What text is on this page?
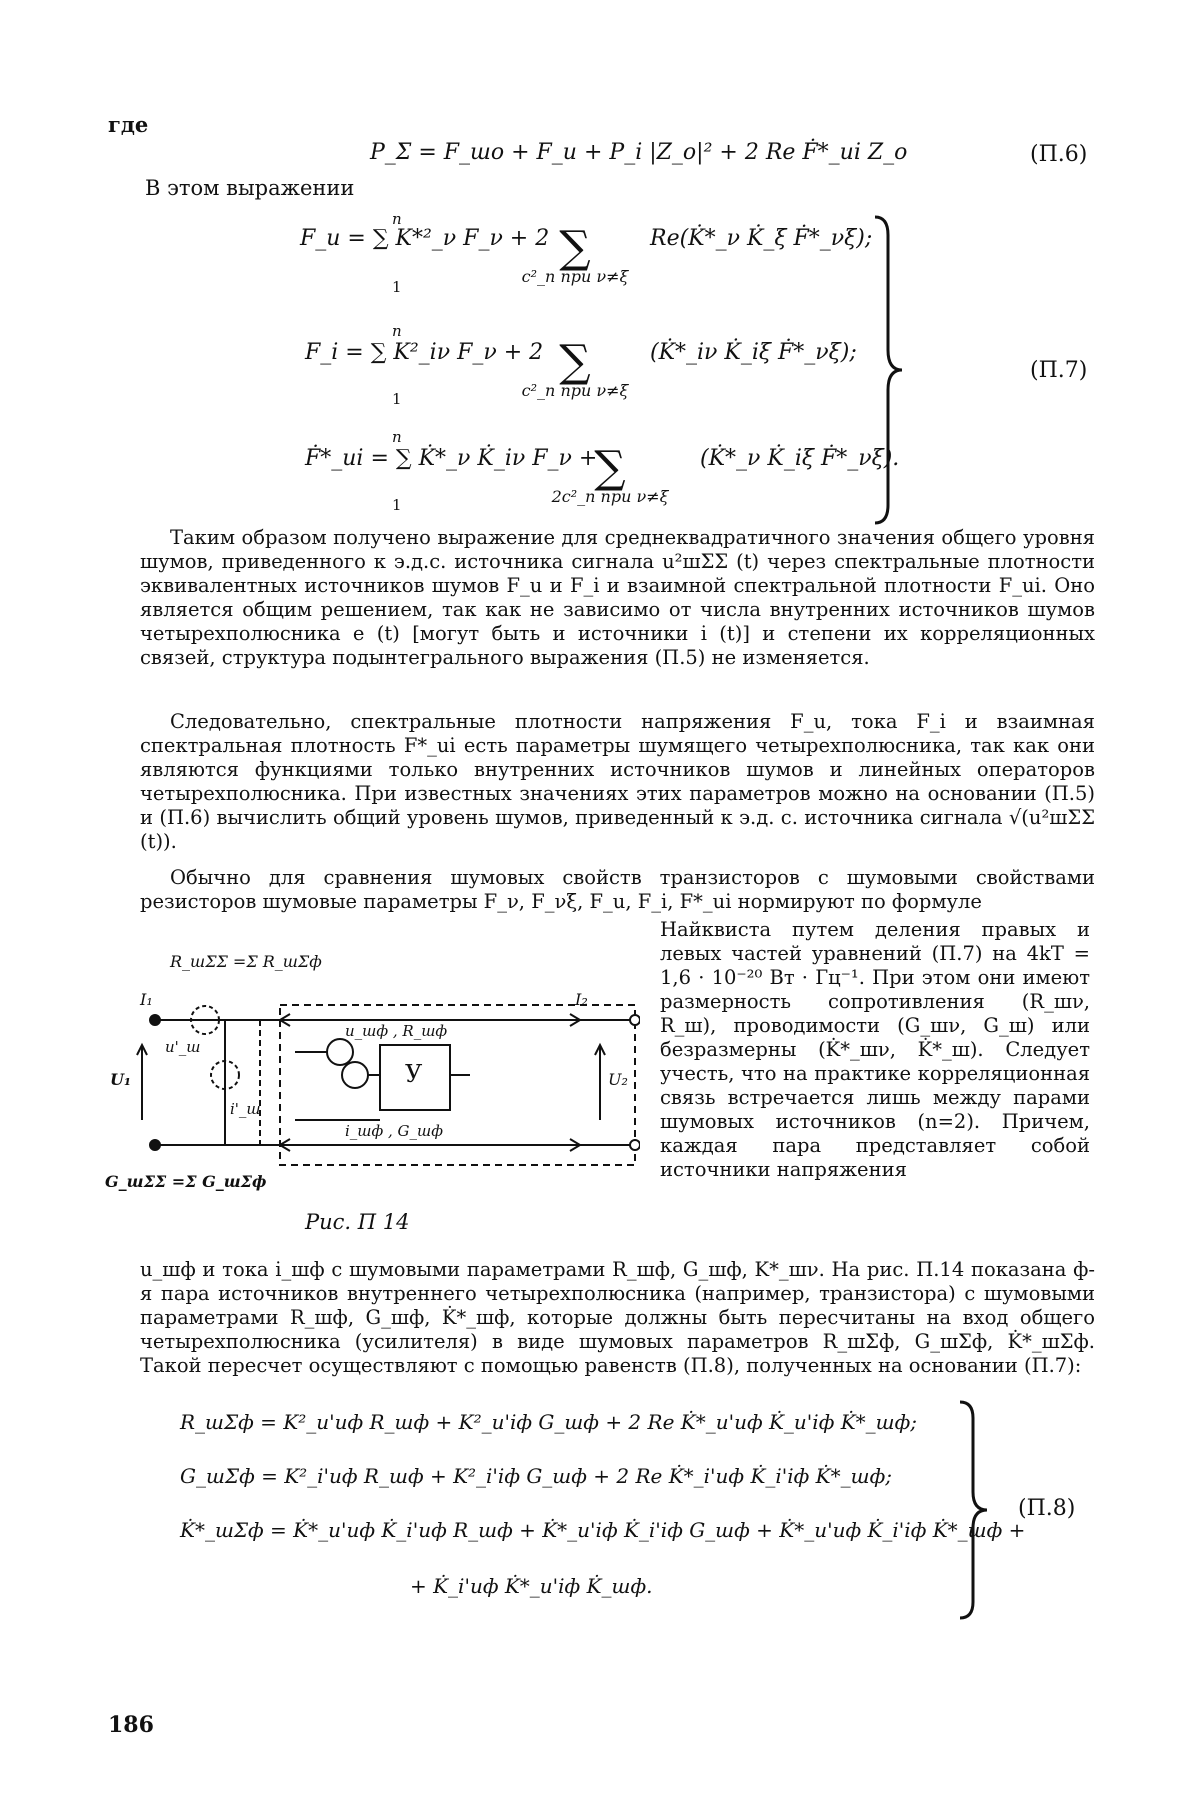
где
P_Σ = F_шо + F_u + P_i |Z_о|² + 2 Re Ḟ*_ui Z_о	(П.6)
В этом выражении
F_u = ∑ K*²_ν F_ν + 2
∑
c²_n при ν≠ξ
Re(K̇*_ν K̇_ξ Ḟ*_νξ);
F_i = ∑ K²_iν F_ν + 2
∑
c²_n при ν≠ξ
(K̇*_iν K̇_iξ Ḟ*_νξ);
Ḟ*_ui = ∑ K̇*_ν K̇_iν F_ν +

∑
2c²_n при ν≠ξ
(K̇*_ν K̇_iξ Ḟ*_νξ).
n
1
n
1
n
1
(П.7)
Таким образом получено выражение для среднеквадратичного значения общего уровня шумов, приведенного к э.д.с. источника сигнала u²шΣΣ (t) через спектральные плотности эквивалентных источников шумов F_u и F_i и взаимной спектральной плотности F_ui. Оно является общим решением, так как не зависимо от числа внутренних источников шумов четырехполюсника e (t) [могут быть и источники i (t)] и степени их корреляционных связей, структура подынтегрального выражения (П.5) не изменяется.
Следовательно, спектральные плотности напряжения F_u, тока F_i и взаимная спектральная плотность F*_ui есть параметры шумящего четырехполюсника, так как они являются функциями только внутренних источников шумов и линейных операторов четырехполюсника. При известных значениях этих параметров можно на основании (П.5) и (П.6) вычислить общий уровень шумов, приведенный к э.д. с. источника сигнала √(u²шΣΣ (t)).
Обычно для сравнения шумовых свойств транзисторов с шумовыми свойствами резисторов шумовые параметры F_ν, F_νξ, F_u, F_i, F*_ui нормируют по формуле
R_шΣΣ =Σ R_шΣф
G_шΣΣ =Σ G_шΣф
I₁	I₂
U₁	U₂
u'_ш
i'_ш
u_шф , R_шф
i_шф , G_шф
У
Рис. П 14
Найквиста путем деления правых и левых частей уравнений (П.7) на 4kT = 1,6 · 10⁻²⁰ Вт · Гц⁻¹. При этом они имеют размерность сопротивления (R_шν, R_ш), проводимости (G_шν, G_ш) или безразмерны (K̇*_шν, K̇*_ш). Следует учесть, что на практике корреляционная связь встречается лишь между парами шумовых источников (n=2). Причем, каждая пара представляет собой источники напряжения
u_шф и тока i_шф с шумовыми параметрами R_шф, G_шф, K*_шν. На рис. П.14 показана ф-я пара источников внутреннего четырехполюсника (например, транзистора) с шумовыми параметрами R_шф, G_шф, K̇*_шф, которые должны быть пересчитаны на вход общего четырехполюсника (усилителя) в виде шумовых параметров R_шΣф, G_шΣф, K̇*_шΣф. Такой пересчет осуществляют с помощью равенств (П.8), полученных на основании (П.7):
R_шΣф = K²_u'uф R_шф + K²_u'iф G_шф + 2 Re K̇*_u'uф K̇_u'iф K̇*_шф;
G_шΣф = K²_i'uф R_шф + K²_i'iф G_шф + 2 Re K̇*_i'uф K̇_i'iф K̇*_шф;
K̇*_шΣф = K̇*_u'uф K̇_i'uф R_шф + K̇*_u'iф K̇_i'iф G_шф + K̇*_u'uф K̇_i'iф K̇*_шф +
+ K̇_i'uф K̇*_u'iф K̇_шф.
(П.8)
186
